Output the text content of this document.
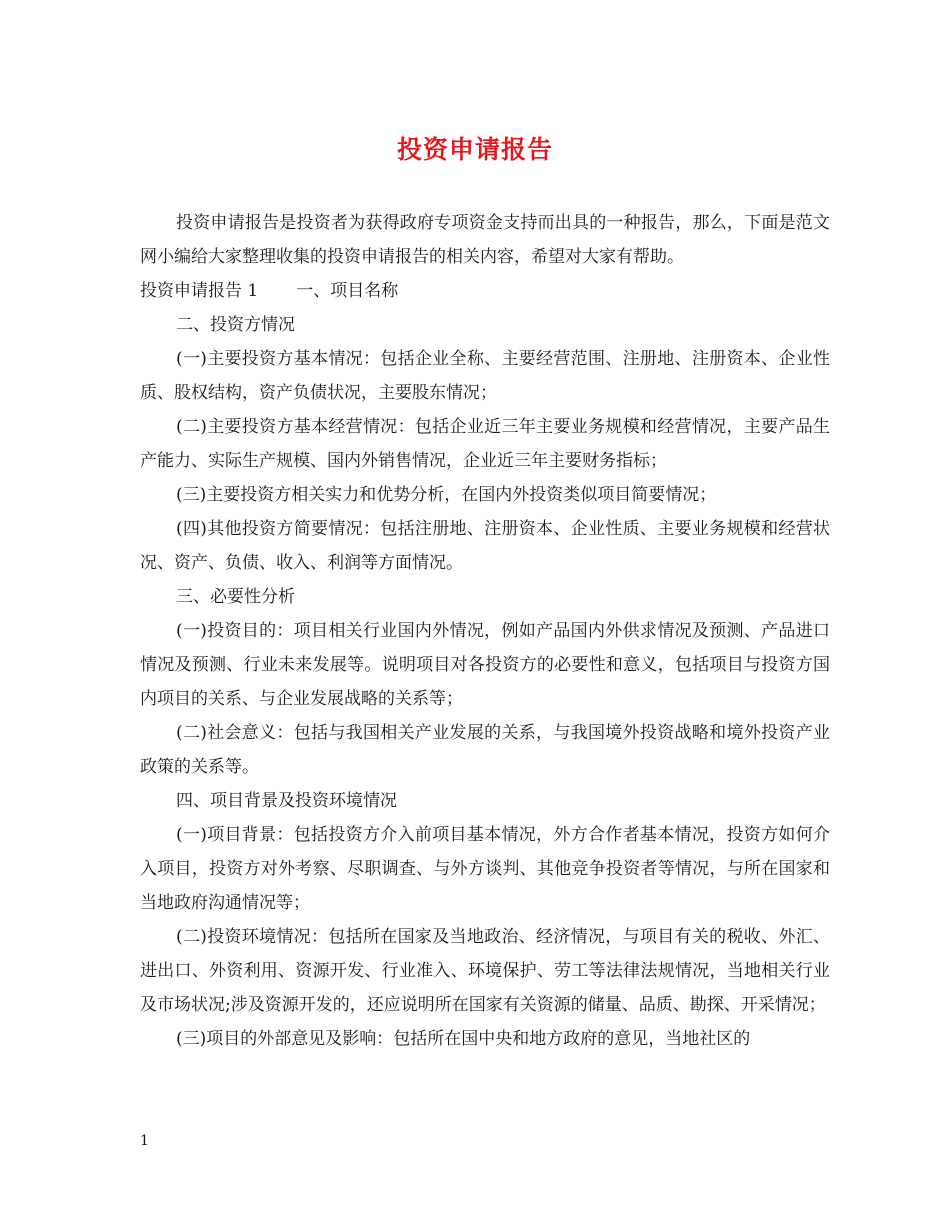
投资申请报告

投资申请报告是投资者为获得政府专项资金支持而出具的一种报告，那么，下面是范文网小编给大家整理收集的投资申请报告的相关内容，希望对大家有帮助。

投资申请报告 1 一、项目名称

二、投资方情况

(一)主要投资方基本情况：包括企业全称、主要经营范围、注册地、注册资本、企业性质、股权结构，资产负债状况，主要股东情况；

(二)主要投资方基本经营情况：包括企业近三年主要业务规模和经营情况，主要产品生产能力、实际生产规模、国内外销售情况，企业近三年主要财务指标；

(三)主要投资方相关实力和优势分析，在国内外投资类似项目简要情况；

(四)其他投资方简要情况：包括注册地、注册资本、企业性质、主要业务规模和经营状况、资产、负债、收入、利润等方面情况。

三、必要性分析

(一)投资目的：项目相关行业国内外情况，例如产品国内外供求情况及预测、产品进口情况及预测、行业未来发展等。说明项目对各投资方的必要性和意义，包括项目与投资方国内项目的关系、与企业发展战略的关系等；

(二)社会意义：包括与我国相关产业发展的关系，与我国境外投资战略和境外投资产业政策的关系等。

四、项目背景及投资环境情况

(一)项目背景：包括投资方介入前项目基本情况，外方合作者基本情况，投资方如何介入项目，投资方对外考察、尽职调查、与外方谈判、其他竞争投资者等情况，与所在国家和当地政府沟通情况等；

(二)投资环境情况：包括所在国家及当地政治、经济情况，与项目有关的税收、外汇、进出口、外资利用、资源开发、行业准入、环境保护、劳工等法律法规情况，当地相关行业及市场状况;涉及资源开发的，还应说明所在国家有关资源的储量、品质、勘探、开采情况；

(三)项目的外部意见及影响：包括所在国中央和地方政府的意见，当地社区的

1
